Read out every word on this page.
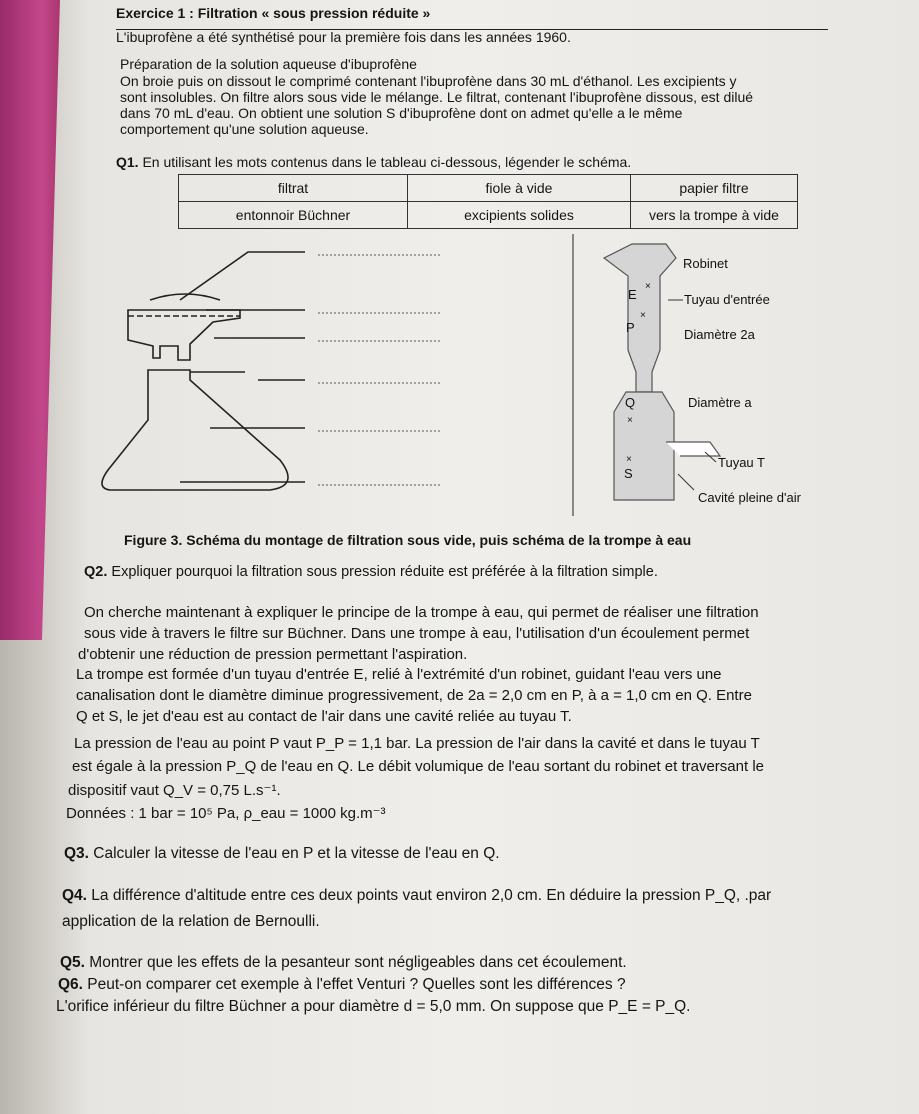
Exercice 1 : Filtration « sous pression réduite »
L'ibuprofène a été synthétisé pour la première fois dans les années 1960.
Préparation de la solution aqueuse d'ibuprofène
On broie puis on dissout le comprimé contenant l'ibuprofène dans 30 mL d'éthanol. Les excipients y
sont insolubles. On filtre alors sous vide le mélange. Le filtrat, contenant l'ibuprofène dissous, est dilué
dans 70 mL d'eau. On obtient une solution S d'ibuprofène dont on admet qu'elle a le même
comportement qu'une solution aqueuse.
Q1. En utilisant les mots contenus dans le tableau ci-dessous, légender le schéma.
filtrat	fiole à vide	papier filtre
entonnoir Büchner	excipients solides	vers la trompe à vide
×
×
×
×
E
P
Q
S
Robinet
Tuyau d'entrée
Diamètre 2a
Diamètre a
Tuyau T
Cavité pleine d'air
Figure 3. Schéma du montage de filtration sous vide, puis schéma de la trompe à eau
Q2. Expliquer pourquoi la filtration sous pression réduite est préférée à la filtration simple.
On cherche maintenant à expliquer le principe de la trompe à eau, qui permet de réaliser une filtration
sous vide à travers le filtre sur Büchner. Dans une trompe à eau, l'utilisation d'un écoulement permet
d'obtenir une réduction de pression permettant l'aspiration.
La trompe est formée d'un tuyau d'entrée E, relié à l'extrémité d'un robinet, guidant l'eau vers une
canalisation dont le diamètre diminue progressivement, de 2a = 2,0 cm en P, à a = 1,0 cm en Q. Entre
Q et S, le jet d'eau est au contact de l'air dans une cavité reliée au tuyau T.
La pression de l'eau au point P vaut P_P = 1,1 bar. La pression de l'air dans la cavité et dans le tuyau T
est égale à la pression P_Q de l'eau en Q. Le débit volumique de l'eau sortant du robinet et traversant le
dispositif vaut Q_V = 0,75 L.s⁻¹.
Données : 1 bar = 10⁵ Pa, ρ_eau = 1000 kg.m⁻³
Q3. Calculer la vitesse de l'eau en P et la vitesse de l'eau en Q.
Q4. La différence d'altitude entre ces deux points vaut environ 2,0 cm. En déduire la pression P_Q, .par
application de la relation de Bernoulli.
Q5. Montrer que les effets de la pesanteur sont négligeables dans cet écoulement.
Q6. Peut-on comparer cet exemple à l'effet Venturi ? Quelles sont les différences ?
L'orifice inférieur du filtre Büchner a pour diamètre d = 5,0 mm. On suppose que P_E = P_Q.
